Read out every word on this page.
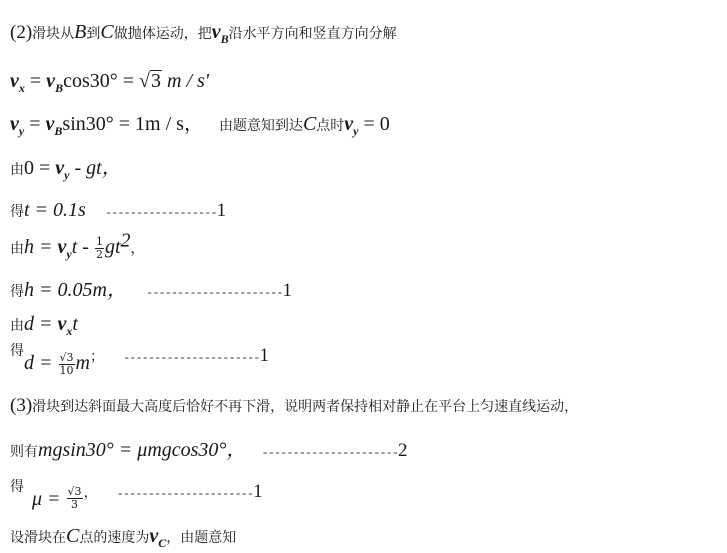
(2)滑块从B到C做抛体运动，把$v_B$沿水平方向和竖直方向分解
$v_x = v_B\cos 30^\circ$ = √ 3 m / s'
$v_y = v_B\sin 30^\circ = 1m / s$， 由题意知到达C点时$v_y = 0$
由$0 = v_y$ - gt，
得t = 0.1s ------------------1
由$h = v_yt - \frac{1}{2} gt^2$，
得h = 0.05m， ----------------------1
由$d = v_xt$
得$d = \frac{√3}{10}$ m； ----------------------1
(3)滑块到达斜面最大高度后恰好不再下滑，说明两者保持相对静止在平台上匀速直线运动，
则有mgsin30° = μmgcos30°， ----------------------2
得$\mu = \frac{√3}{3}$ ， ----------------------1
设滑块在C点的速度为$v_C$，由题意知
